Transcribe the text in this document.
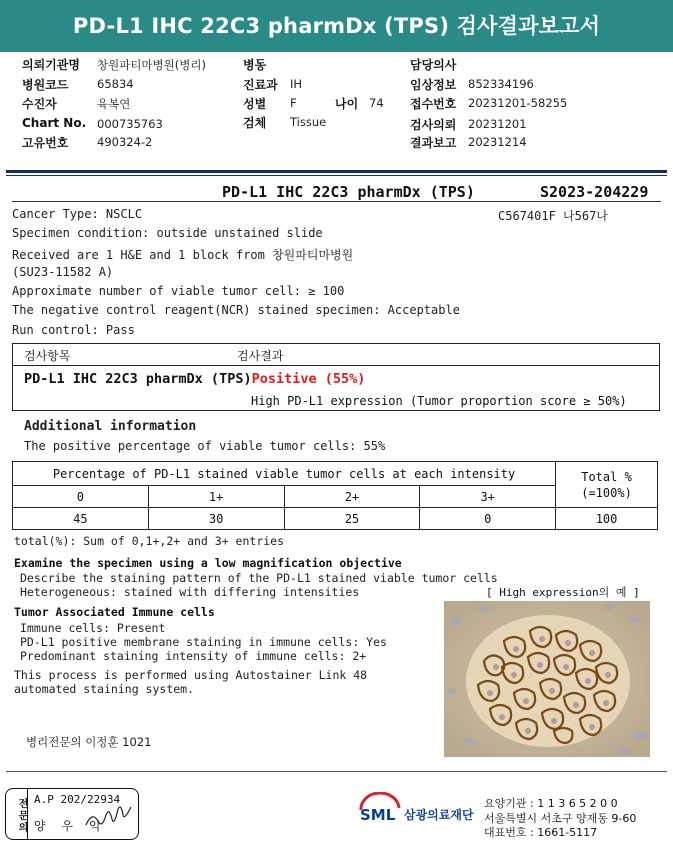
PD-L1 IHC 22C3 pharmDx (TPS) 검사결과보고서
의뢰기관명 창원파티마병원(병리)
병원코드 65834
수진자	육복연
Chart No. 000735763
고유번호 490324-2
병동
진료과 IH
성별 F	나이 74
검체 Tissue
담당의사
임상정보 852334196
접수번호 20231201-58255
검사의뢰 20231201
결과보고 20231214
PD-L1 IHC 22C3 pharmDx (TPS)	S2023-204229
Cancer Type: NSCLC	C567401F 나567나
Specimen condition: outside unstained slide
Received are 1 H&E and 1 block from 창원파티마병원
(SU23-11582 A)
Approximate number of viable tumor cell: ≥ 100
The negative control reagent(NCR) stained specimen: Acceptable
Run control: Pass
검사항목	검사결과
PD-L1 IHC 22C3 pharmDx (TPS)Positive (55%)
High PD-L1 expression (Tumor proportion score ≥ 50%)
Additional information
The positive percentage of viable tumor cells: 55%
Percentage of PD-L1 stained viable tumor cells at each intensity				Total %
(=100%)

0	1+	2+	3+	
45	30	25	0	100
total(%): Sum of 0,1+,2+ and 3+ entries
Examine the specimen using a low magnification objective
Describe the staining pattern of the PD-L1 stained viable tumor cells
Heterogeneous: stained with differing intensities
Tumor Associated Immune cells
Immune cells: Present
PD-L1 positive membrane staining in immune cells: Yes
Predominant staining intensity of immune cells: 2+
This process is performed using Autostainer Link 48
automated staining system.
[ High expression의 예 ]
병리전문의 이정훈 1021
전문의 A.P 202/22934
양 우 익
SML 삼광의료재단
요양기관 : 1 1 3 6 5 2 0 0
서울특별시 서초구 양재동 9-60
대표번호 : 1661-5117
